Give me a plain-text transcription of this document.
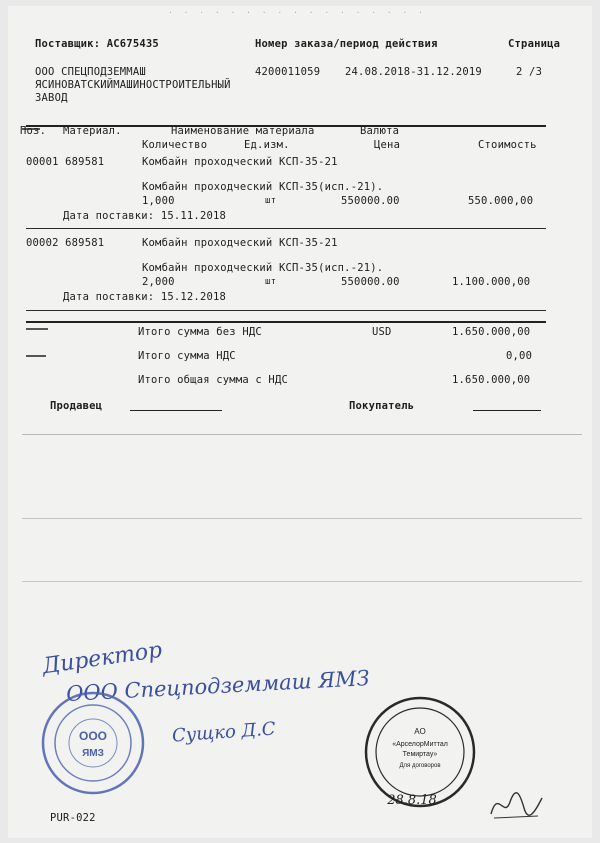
· · · · · · · · · · · · · · · · ·
Поставщик: АС675435	Номер заказа/период действия	Страница
ООО СПЕЦПОДЗЕММАШ
ЯСИНОВАТСКИЙМАШИНОСТРОИТЕЛЬНЫЙ
ЗАВОД
4200011059 24.08.2018-31.12.2019	2 /3
Поз. Материал.	Наименование материала	Валюта
Количество	Ед.изм.	Цена	Стоимость
00001 689581	Комбайн проходческий КСП-35-21
Комбайн проходческий КСП-35(исп.-21).
1,000	шт	550000.00	550.000,00
Дата поставки: 15.11.2018
00002 689581	Комбайн проходческий КСП-35-21
Комбайн проходческий КСП-35(исп.-21).
2,000	шт	550000.00	1.100.000,00
Дата поставки: 15.12.2018
Итого сумма без НДС	USD	1.650.000,00
Итого сумма НДС	0,00
Итого общая сумма с НДС	1.650.000,00
Продавец	Покупатель
Директор
ООО Спецподземмаш ЯМЗ
Сущко Д.С
ООО
ЯМЗ
АО
«АрселорМиттал
Темиртау»
Для договоров
28.8.18
PUR-022
